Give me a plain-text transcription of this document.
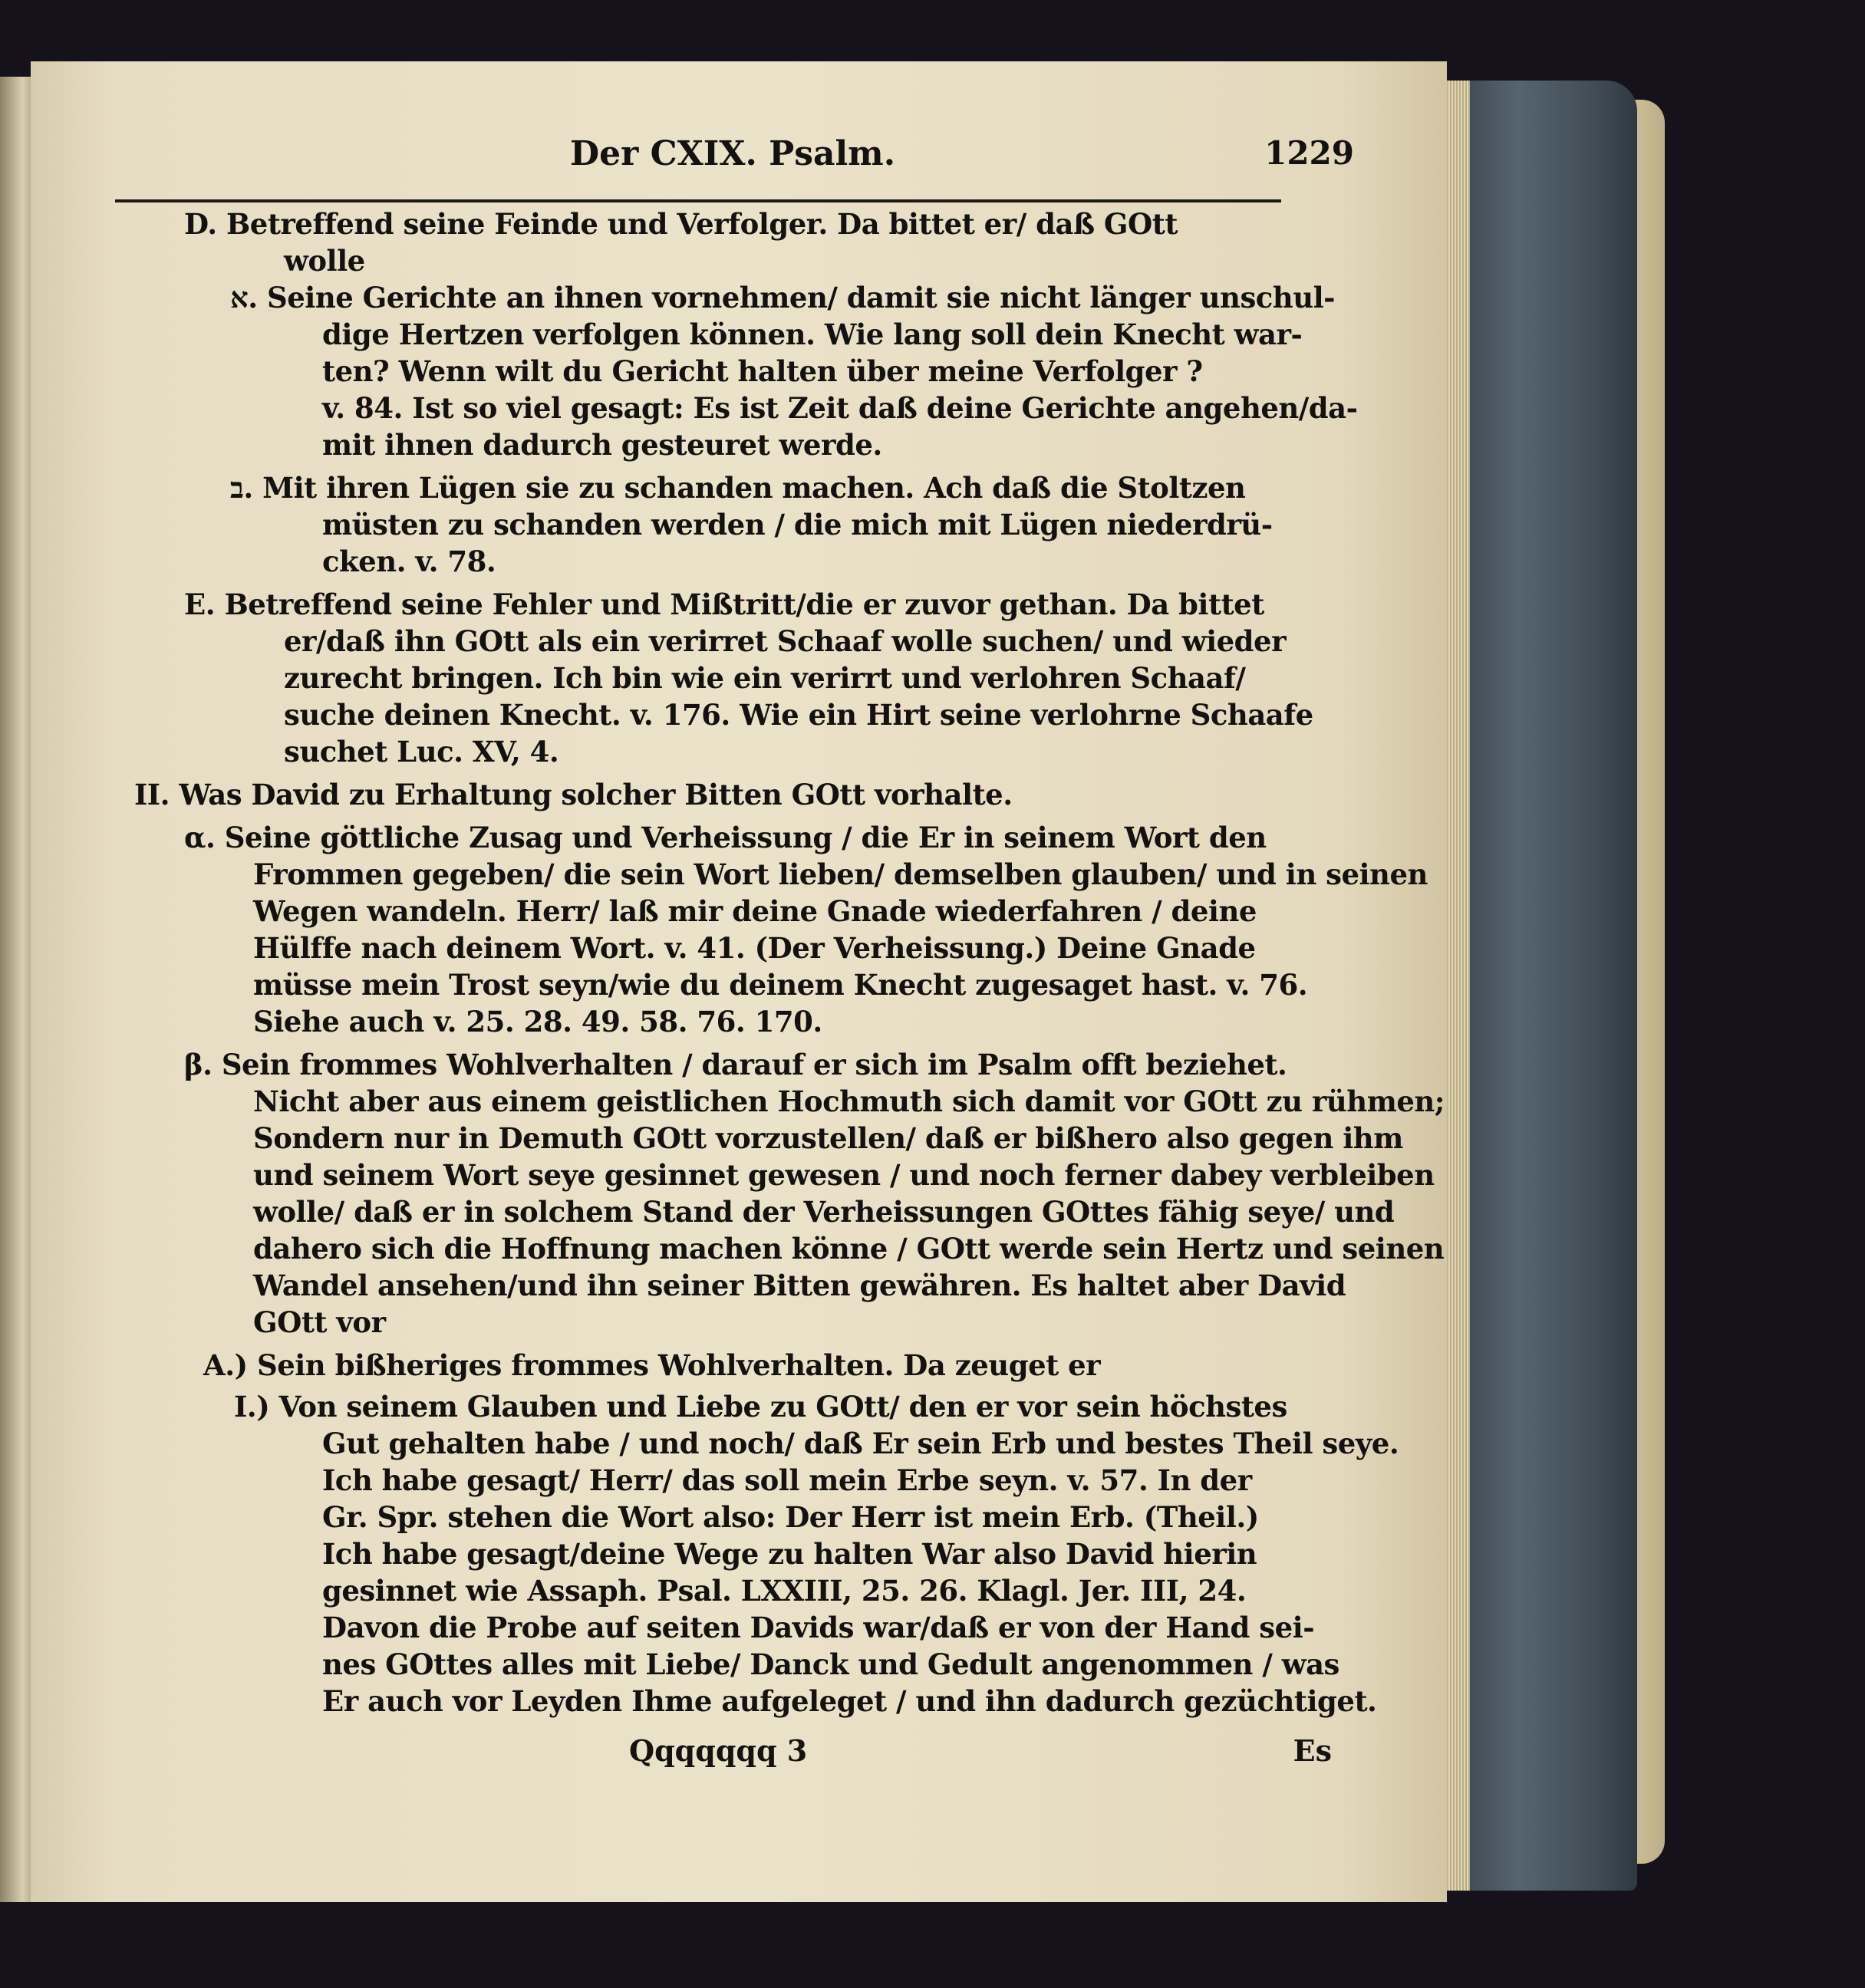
Der CXIX. Psalm.	1229
D. Betreffend seine Feinde und Verfolger. Da bittet er/ daß GOtt
wolle
א. Seine Gerichte an ihnen vornehmen/ damit sie nicht länger unschul-
dige Hertzen verfolgen können. Wie lang soll dein Knecht war-
ten? Wenn wilt du Gericht halten über meine Verfolger ?
v. 84. Ist so viel gesagt: Es ist Zeit daß deine Gerichte angehen/da-
mit ihnen dadurch gesteuret werde.
ב. Mit ihren Lügen sie zu schanden machen. Ach daß die Stoltzen
müsten zu schanden werden / die mich mit Lügen niederdrü-
cken. v. 78.
E. Betreffend seine Fehler und Mißtritt/die er zuvor gethan. Da bittet
er/daß ihn GOtt als ein verirret Schaaf wolle suchen/ und wieder
zurecht bringen. Ich bin wie ein verirrt und verlohren Schaaf/
suche deinen Knecht. v. 176. Wie ein Hirt seine verlohrne Schaafe
suchet Luc. XV, 4.
II. Was David zu Erhaltung solcher Bitten GOtt vorhalte.
α. Seine göttliche Zusag und Verheissung / die Er in seinem Wort den
Frommen gegeben/ die sein Wort lieben/ demselben glauben/ und in seinen
Wegen wandeln. Herr/ laß mir deine Gnade wiederfahren / deine
Hülffe nach deinem Wort. v. 41. (Der Verheissung.) Deine Gnade
müsse mein Trost seyn/wie du deinem Knecht zugesaget hast. v. 76.
Siehe auch v. 25. 28. 49. 58. 76. 170.
β. Sein frommes Wohlverhalten / darauf er sich im Psalm offt beziehet.
Nicht aber aus einem geistlichen Hochmuth sich damit vor GOtt zu rühmen;
Sondern nur in Demuth GOtt vorzustellen/ daß er bißhero also gegen ihm
und seinem Wort seye gesinnet gewesen / und noch ferner dabey verbleiben
wolle/ daß er in solchem Stand der Verheissungen GOttes fähig seye/ und
dahero sich die Hoffnung machen könne / GOtt werde sein Hertz und seinen
Wandel ansehen/und ihn seiner Bitten gewähren. Es haltet aber David
GOtt vor
A.) Sein bißheriges frommes Wohlverhalten. Da zeuget er
I.) Von seinem Glauben und Liebe zu GOtt/ den er vor sein höchstes
Gut gehalten habe / und noch/ daß Er sein Erb und bestes Theil seye.
Ich habe gesagt/ Herr/ das soll mein Erbe seyn. v. 57. In der
Gr. Spr. stehen die Wort also: Der Herr ist mein Erb. (Theil.)
Ich habe gesagt/deine Wege zu halten War also David hierin
gesinnet wie Assaph. Psal. LXXIII, 25. 26. Klagl. Jer. III, 24.
Davon die Probe auf seiten Davids war/daß er von der Hand sei-
nes GOttes alles mit Liebe/ Danck und Gedult angenommen / was
Er auch vor Leyden Ihme aufgeleget / und ihn dadurch gezüchtiget.
Qqqqqqq 3	Es
